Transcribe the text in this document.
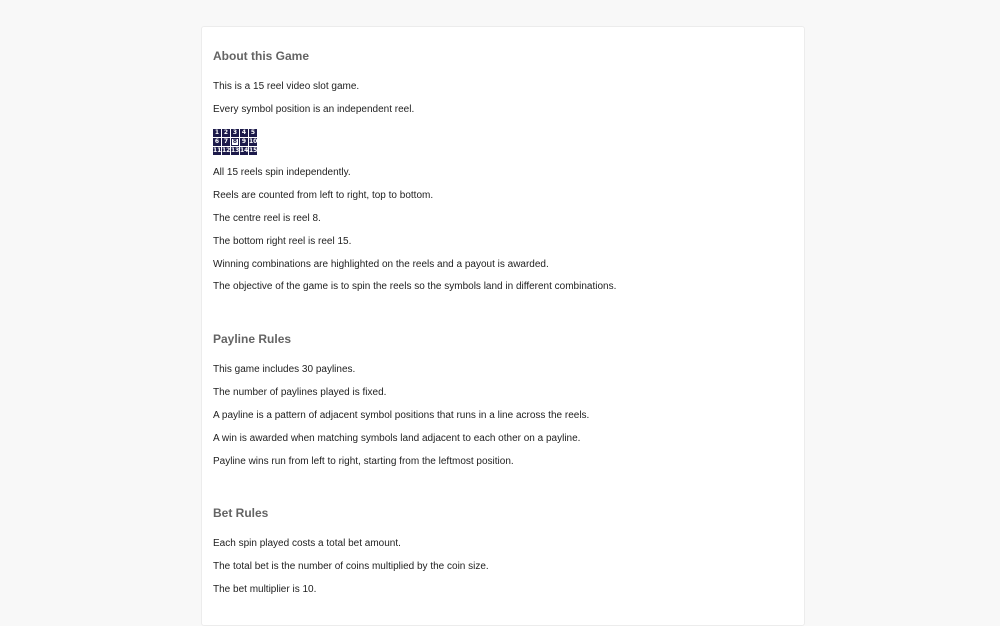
About this Game

This is a 15 reel video slot game.

Every symbol position is an independent reel.

1 2 3 4 5
6 7 8 9 10
11 12 13 14 15

All 15 reels spin independently.

Reels are counted from left to right, top to bottom.

The centre reel is reel 8.

The bottom right reel is reel 15.

Winning combinations are highlighted on the reels and a payout is awarded.

The objective of the game is to spin the reels so the symbols land in different combinations.

Payline Rules

This game includes 30 paylines.

The number of paylines played is fixed.

A payline is a pattern of adjacent symbol positions that runs in a line across the reels.

A win is awarded when matching symbols land adjacent to each other on a payline.

Payline wins run from left to right, starting from the leftmost position.

Bet Rules

Each spin played costs a total bet amount.

The total bet is the number of coins multiplied by the coin size.

The bet multiplier is 10.
